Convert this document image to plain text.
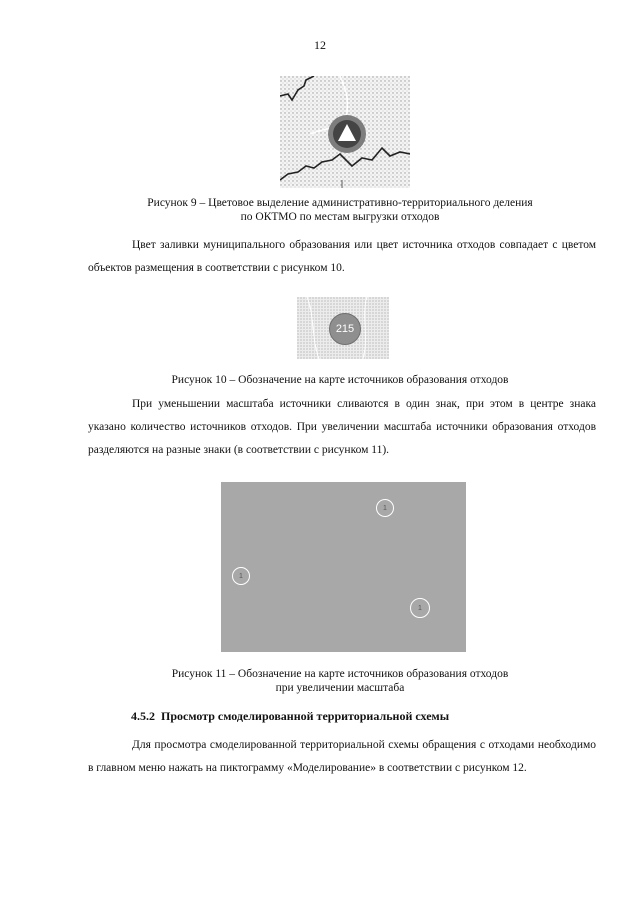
12
Рисунок 9 – Цветовое выделение административно-территориального деления
по ОКТМО по местам выгрузки отходов

Цвет заливки муниципального образования или цвет источника отходов совпадает с цветом объектов размещения в соответствии с рисунком 10.

215
Рисунок 10 – Обозначение на карте источников образования отходов

При уменьшении масштаба источники сливаются в один знак, при этом в центре знака указано количество источников отходов. При увеличении масштаба источники образования отходов разделяются на разные знаки (в соответствии с рисунком 11).

1
1
1
Рисунок 11 – Обозначение на карте источников образования отходов
при увеличении масштаба
4.5.2 Просмотр смоделированной территориальной схемы

Для просмотра смоделированной территориальной схемы обращения с отходами необходимо в главном меню нажать на пиктограмму «Моделирование» в соответствии с рисунком 12.
